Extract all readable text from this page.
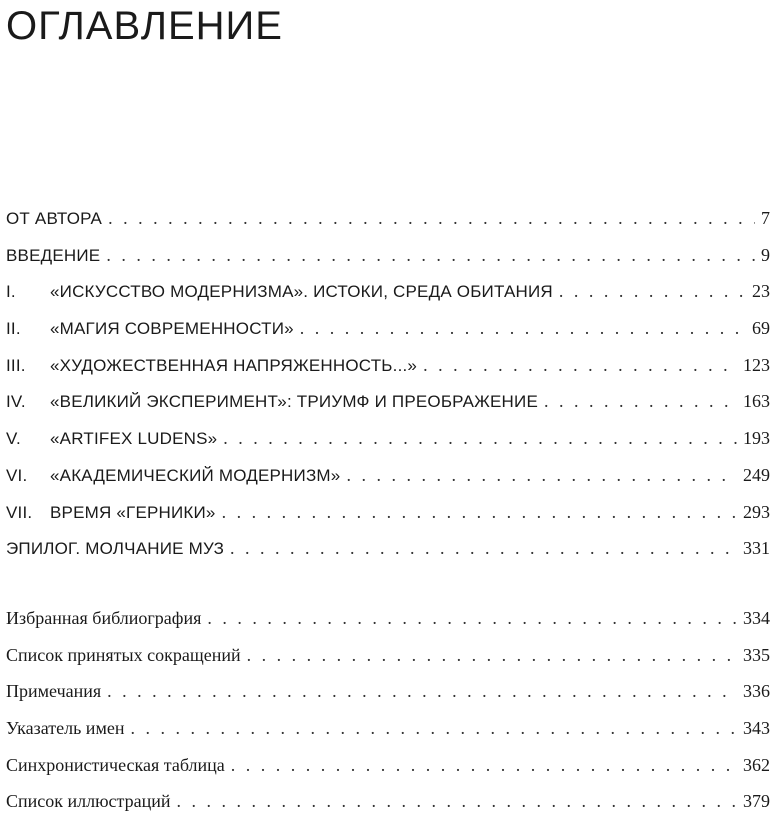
ОГЛАВЛЕНИЕ
ОТ АВТОРА . . .	7
ВВЕДЕНИЕ . . .	9
I.	«ИСКУССТВО МОДЕРНИЗМА». ИСТОКИ, СРЕДА ОБИТАНИЯ . . .	23
II.	«МАГИЯ СОВРЕМЕННОСТИ» . . .	69
III.	«ХУДОЖЕСТВЕННАЯ НАПРЯЖЕННОСТЬ...» . . .	123
IV.	«ВЕЛИКИЙ ЭКСПЕРИМЕНТ»: ТРИУМФ И ПРЕОБРАЖЕНИЕ . . .	163
V.	«ARTIFEX LUDENS» . . .	193
VI.	«АКАДЕМИЧЕСКИЙ МОДЕРНИЗМ» . . .	249
VII.	ВРЕМЯ «ГЕРНИКИ» . . .	293
ЭПИЛОГ. МОЛЧАНИЕ МУЗ . . .	331
Избранная библиография . . .	334
Список принятых сокращений . . .	335
Примечания . . .	336
Указатель имен . . .	343
Синхронистическая таблица . . .	362
Список иллюстраций . . .	379
